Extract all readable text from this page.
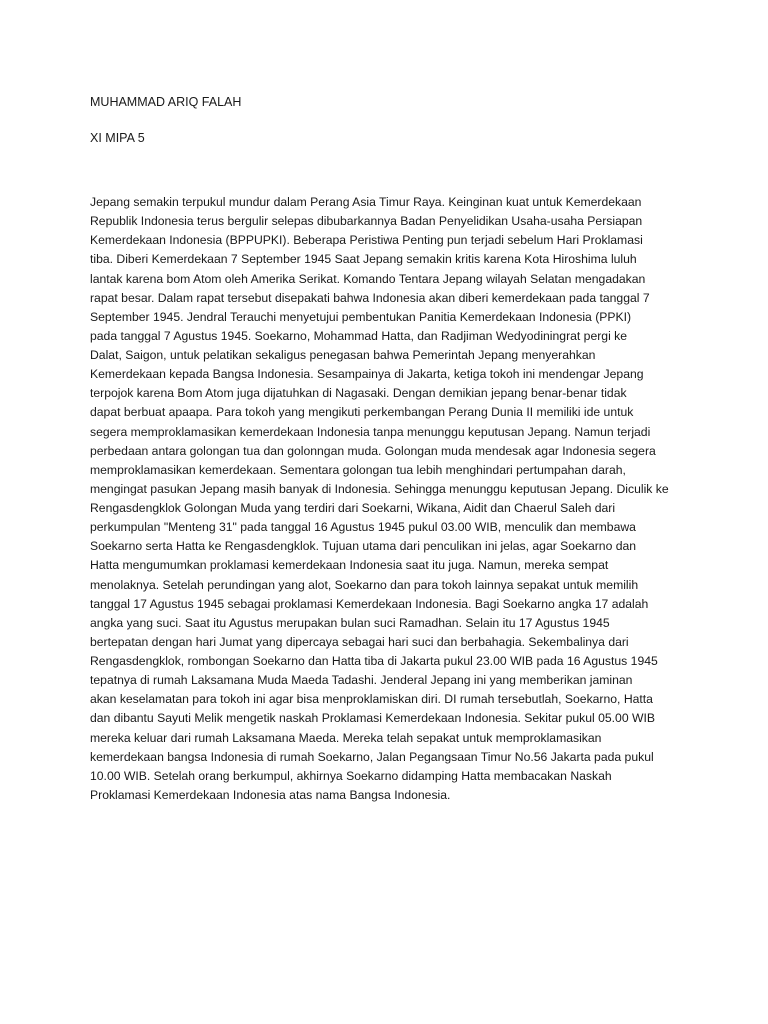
MUHAMMAD ARIQ FALAH
XI MIPA 5
Jepang semakin terpukul mundur dalam Perang Asia Timur Raya. Keinginan kuat untuk Kemerdekaan
Republik Indonesia terus bergulir selepas dibubarkannya Badan Penyelidikan Usaha-usaha Persiapan
Kemerdekaan Indonesia (BPPUPKI). Beberapa Peristiwa Penting pun terjadi sebelum Hari Proklamasi
tiba. Diberi Kemerdekaan 7 September 1945 Saat Jepang semakin kritis karena Kota Hiroshima luluh
lantak karena bom Atom oleh Amerika Serikat. Komando Tentara Jepang wilayah Selatan mengadakan
rapat besar. Dalam rapat tersebut disepakati bahwa Indonesia akan diberi kemerdekaan pada tanggal 7
September 1945. Jendral Terauchi menyetujui pembentukan Panitia Kemerdekaan Indonesia (PPKI)
pada tanggal 7 Agustus 1945. Soekarno, Mohammad Hatta, dan Radjiman Wedyodiningrat pergi ke
Dalat, Saigon, untuk pelatikan sekaligus penegasan bahwa Pemerintah Jepang menyerahkan
Kemerdekaan kepada Bangsa Indonesia. Sesampainya di Jakarta, ketiga tokoh ini mendengar Jepang
terpojok karena Bom Atom juga dijatuhkan di Nagasaki. Dengan demikian jepang benar-benar tidak
dapat berbuat apaapa. Para tokoh yang mengikuti perkembangan Perang Dunia II memiliki ide untuk
segera memproklamasikan kemerdekaan Indonesia tanpa menunggu keputusan Jepang. Namun terjadi
perbedaan antara golongan tua dan golonngan muda. Golongan muda mendesak agar Indonesia segera
memproklamasikan kemerdekaan. Sementara golongan tua lebih menghindari pertumpahan darah,
mengingat pasukan Jepang masih banyak di Indonesia. Sehingga menunggu keputusan Jepang. Diculik ke
Rengasdengklok Golongan Muda yang terdiri dari Soekarni, Wikana, Aidit dan Chaerul Saleh dari
perkumpulan "Menteng 31" pada tanggal 16 Agustus 1945 pukul 03.00 WIB, menculik dan membawa
Soekarno serta Hatta ke Rengasdengklok. Tujuan utama dari penculikan ini jelas, agar Soekarno dan
Hatta mengumumkan proklamasi kemerdekaan Indonesia saat itu juga. Namun, mereka sempat
menolaknya. Setelah perundingan yang alot, Soekarno dan para tokoh lainnya sepakat untuk memilih
tanggal 17 Agustus 1945 sebagai proklamasi Kemerdekaan Indonesia. Bagi Soekarno angka 17 adalah
angka yang suci. Saat itu Agustus merupakan bulan suci Ramadhan. Selain itu 17 Agustus 1945
bertepatan dengan hari Jumat yang dipercaya sebagai hari suci dan berbahagia. Sekembalinya dari
Rengasdengklok, rombongan Soekarno dan Hatta tiba di Jakarta pukul 23.00 WIB pada 16 Agustus 1945
tepatnya di rumah Laksamana Muda Maeda Tadashi. Jenderal Jepang ini yang memberikan jaminan
akan keselamatan para tokoh ini agar bisa menproklamiskan diri. DI rumah tersebutlah, Soekarno, Hatta
dan dibantu Sayuti Melik mengetik naskah Proklamasi Kemerdekaan Indonesia. Sekitar pukul 05.00 WIB
mereka keluar dari rumah Laksamana Maeda. Mereka telah sepakat untuk memproklamasikan
kemerdekaan bangsa Indonesia di rumah Soekarno, Jalan Pegangsaan Timur No.56 Jakarta pada pukul
10.00 WIB. Setelah orang berkumpul, akhirnya Soekarno didamping Hatta membacakan Naskah
Proklamasi Kemerdekaan Indonesia atas nama Bangsa Indonesia.
